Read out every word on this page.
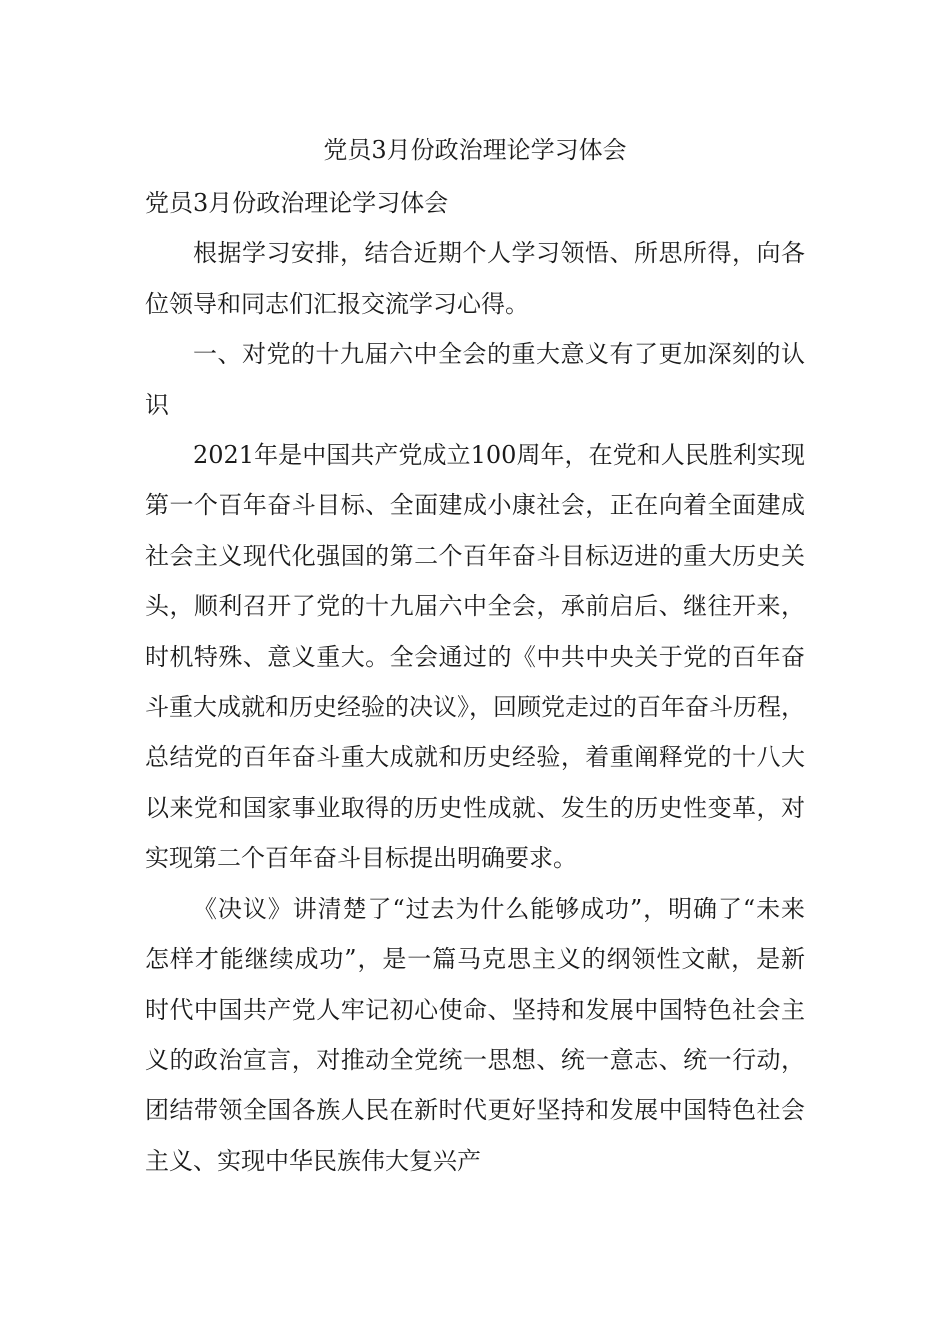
党员3月份政治理论学习体会

党员3月份政治理论学习体会

根据学习安排，结合近期个人学习领悟、所思所得，向各位领导和同志们汇报交流学习心得。

一、对党的十九届六中全会的重大意义有了更加深刻的认识

2021年是中国共产党成立100周年，在党和人民胜利实现第一个百年奋斗目标、全面建成小康社会，正在向着全面建成社会主义现代化强国的第二个百年奋斗目标迈进的重大历史关头，顺利召开了党的十九届六中全会，承前启后、继往开来，时机特殊、意义重大。全会通过的《中共中央关于党的百年奋斗重大成就和历史经验的决议》，回顾党走过的百年奋斗历程，总结党的百年奋斗重大成就和历史经验，着重阐释党的十八大以来党和国家事业取得的历史性成就、发生的历史性变革，对实现第二个百年奋斗目标提出明确要求。

《决议》讲清楚了“过去为什么能够成功”，明确了“未来怎样才能继续成功”，是一篇马克思主义的纲领性文献，是新时代中国共产党人牢记初心使命、坚持和发展中国特色社会主义的政治宣言，对推动全党统一思想、统一意志、统一行动，团结带领全国各族人民在新时代更好坚持和发展中国特色社会主义、实现中华民族伟大复兴产
